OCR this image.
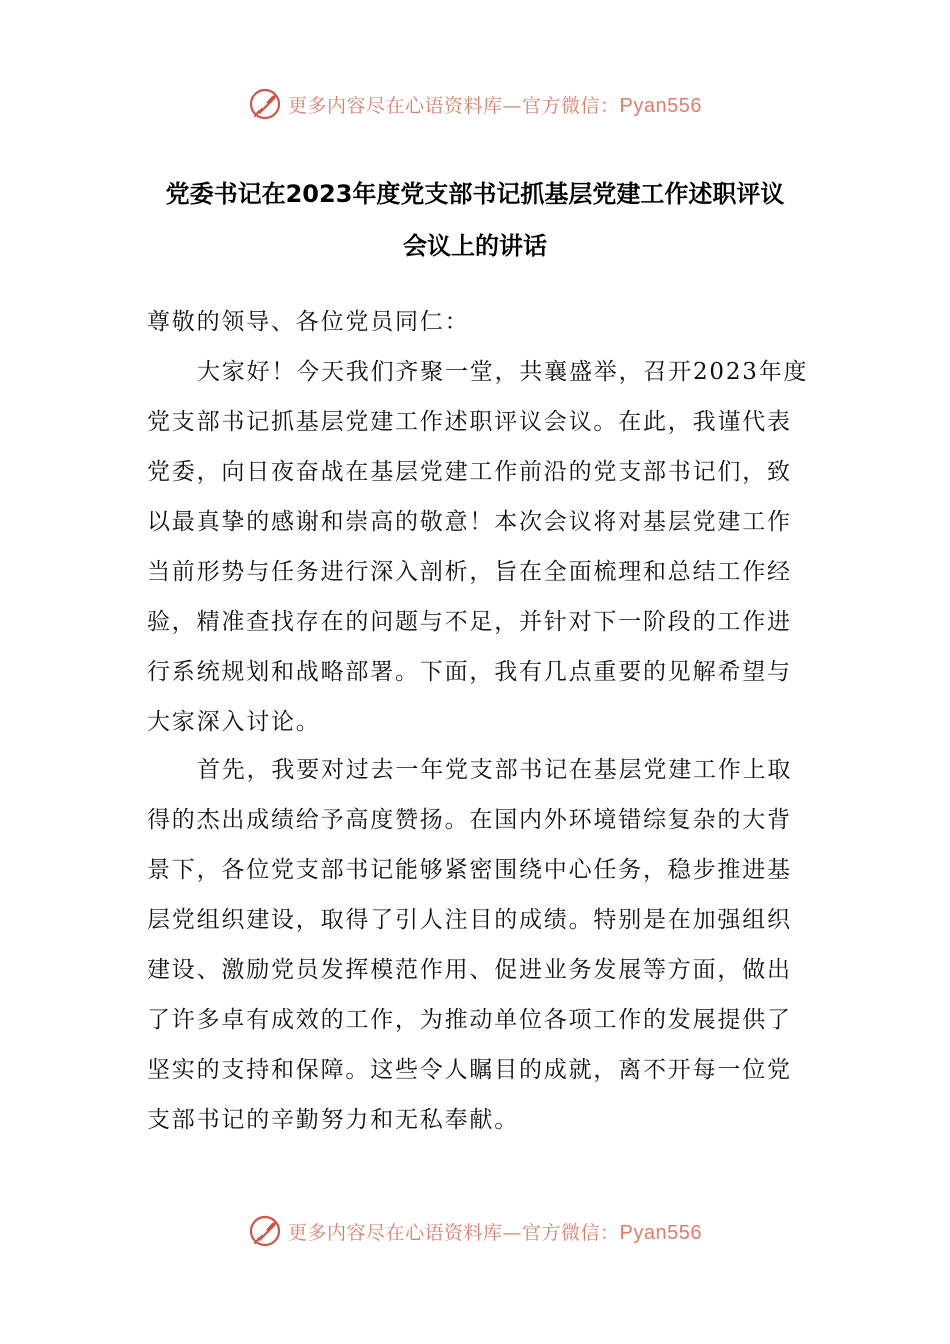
更多内容尽在心语资料库—官方微信：Pyan556
党委书记在2023年度党支部书记抓基层党建工作述职评议
会议上的讲话

尊敬的领导、各位党员同仁：

大家好！今天我们齐聚一堂，共襄盛举，召开2023年度党支部书记抓基层党建工作述职评议会议。在此，我谨代表党委，向日夜奋战在基层党建工作前沿的党支部书记们，致以最真挚的感谢和崇高的敬意！本次会议将对基层党建工作当前形势与任务进行深入剖析，旨在全面梳理和总结工作经验，精准查找存在的问题与不足，并针对下一阶段的工作进行系统规划和战略部署。下面，我有几点重要的见解希望与大家深入讨论。

首先，我要对过去一年党支部书记在基层党建工作上取得的杰出成绩给予高度赞扬。在国内外环境错综复杂的大背景下，各位党支部书记能够紧密围绕中心任务，稳步推进基层党组织建设，取得了引人注目的成绩。特别是在加强组织建设、激励党员发挥模范作用、促进业务发展等方面，做出了许多卓有成效的工作，为推动单位各项工作的发展提供了坚实的支持和保障。这些令人瞩目的成就，离不开每一位党支部书记的辛勤努力和无私奉献。

更多内容尽在心语资料库—官方微信：Pyan556
